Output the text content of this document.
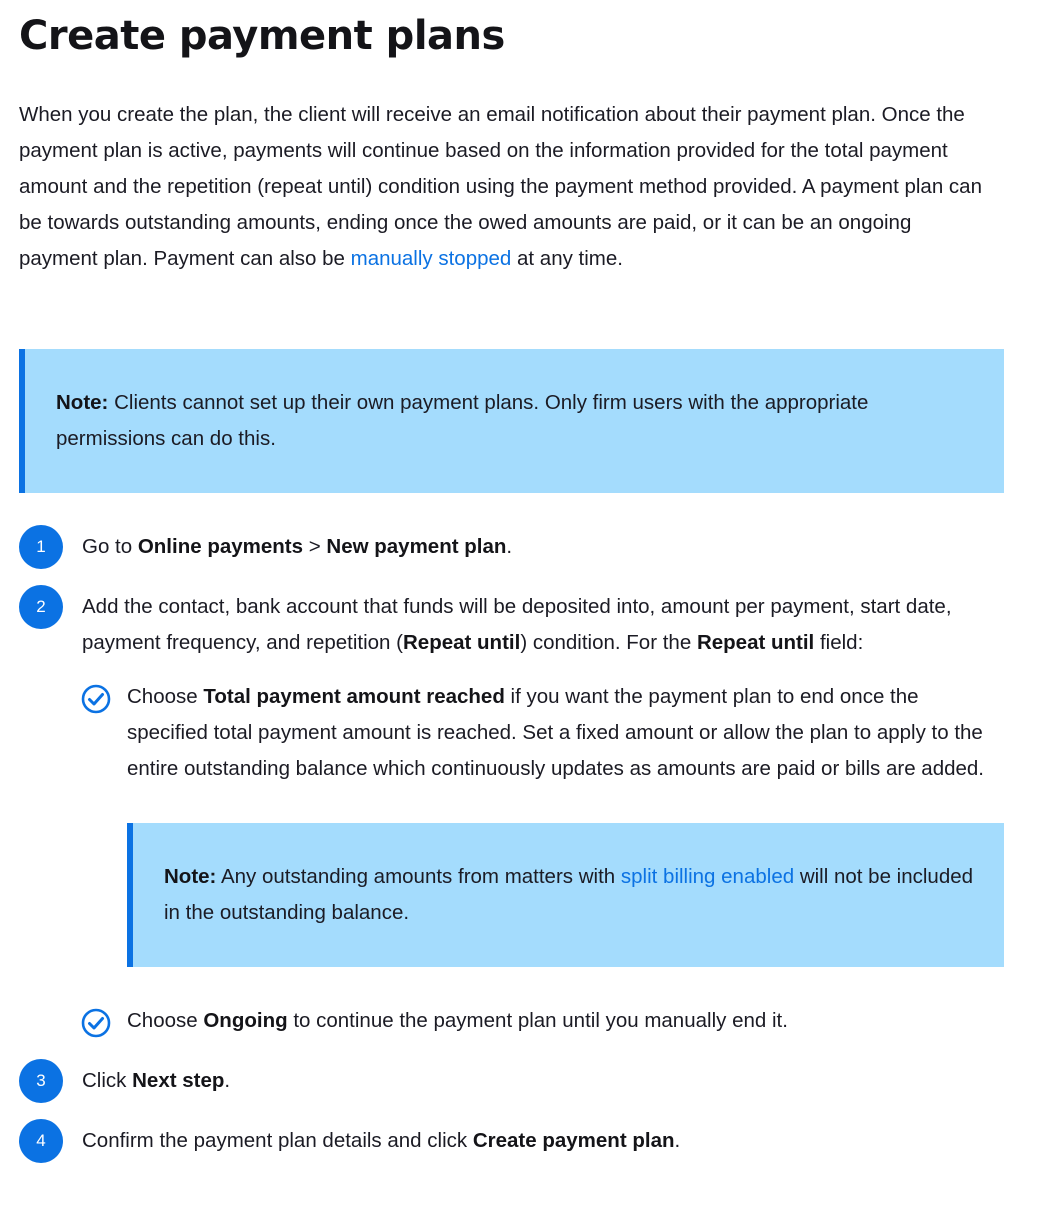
Create payment plans

When you create the plan, the client will receive an email notification about their payment plan. Once the payment plan is active, payments will continue based on the information provided for the total payment amount and the repetition (repeat until) condition using the payment method provided. A payment plan can be towards outstanding amounts, ending once the owed amounts are paid, or it can be an ongoing payment plan. Payment can also be manually stopped at any time.

Note: Clients cannot set up their own payment plans. Only firm users with the appropriate permissions can do this.

1	Go to Online payments > New payment plan.
2	Add the contact, bank account that funds will be deposited into, amount per payment, start date, payment frequency, and repetition (Repeat until) condition. For the Repeat until field:
Choose Total payment amount reached if you want the payment plan to end once the specified total payment amount is reached. Set a fixed amount or allow the plan to apply to the entire outstanding balance which continuously updates as amounts are paid or bills are added.

Note: Any outstanding amounts from matters with split billing enabled will not be included in the outstanding balance.

Choose Ongoing to continue the payment plan until you manually end it.
3	Click Next step.
4	Confirm the payment plan details and click Create payment plan.
